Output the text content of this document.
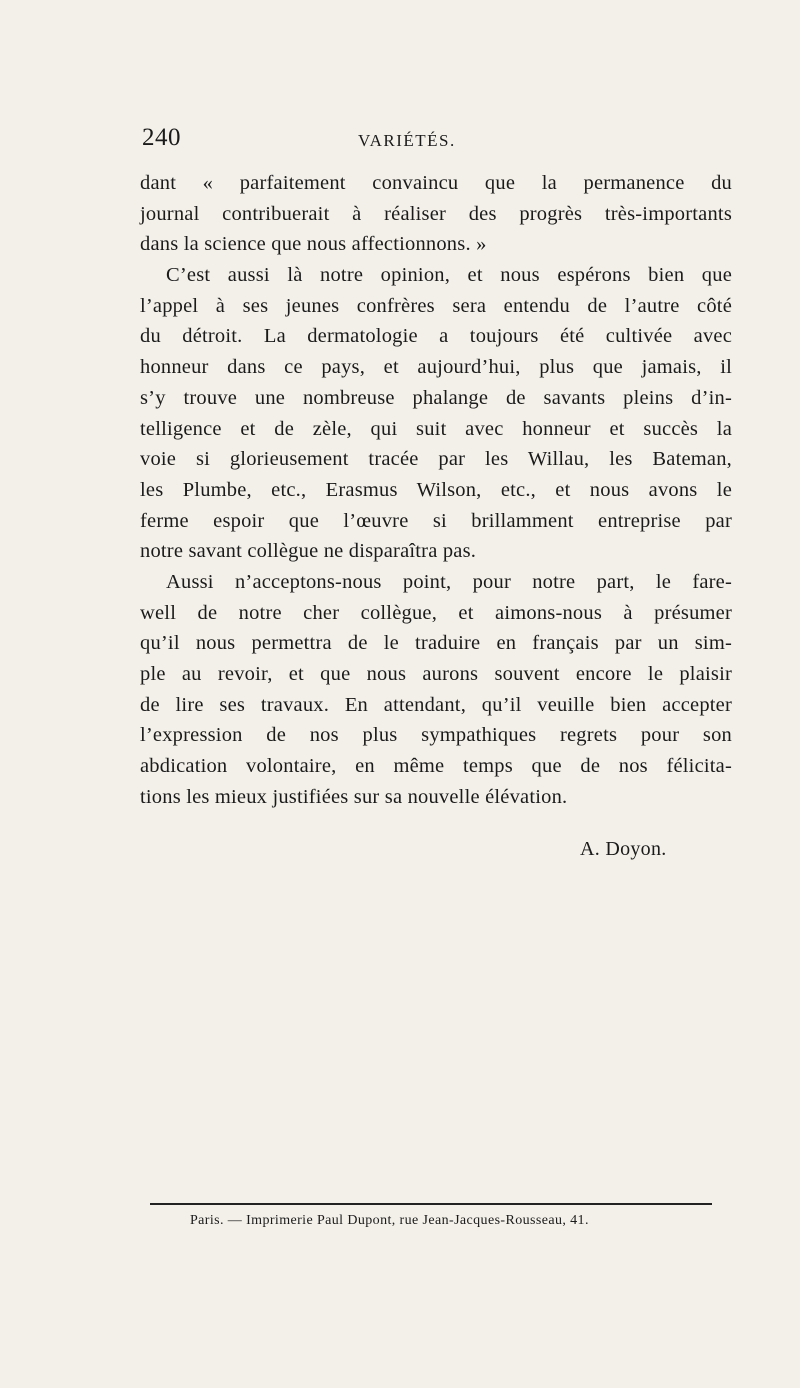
240	VARIÉTÉS.
dant « parfaitement convaincu que la permanence du
journal contribuerait à réaliser des progrès très-importants
dans la science que nous affectionnons. »
C’est aussi là notre opinion, et nous espérons bien que
l’appel à ses jeunes confrères sera entendu de l’autre côté
du détroit. La dermatologie a toujours été cultivée avec
honneur dans ce pays, et aujourd’hui, plus que jamais, il
s’y trouve une nombreuse phalange de savants pleins d’in-
telligence et de zèle, qui suit avec honneur et succès la
voie si glorieusement tracée par les Willau, les Bateman,
les Plumbe, etc., Erasmus Wilson, etc., et nous avons le
ferme espoir que l’œuvre si brillamment entreprise par
notre savant collègue ne disparaîtra pas.
Aussi n’acceptons-nous point, pour notre part, le fare-
well de notre cher collègue, et aimons-nous à présumer
qu’il nous permettra de le traduire en français par un sim-
ple au revoir, et que nous aurons souvent encore le plaisir
de lire ses travaux. En attendant, qu’il veuille bien accepter
l’expression de nos plus sympathiques regrets pour son
abdication volontaire, en même temps que de nos félicita-
tions les mieux justifiées sur sa nouvelle élévation.
A. Doyon.
Paris. — Imprimerie Paul Dupont, rue Jean-Jacques-Rousseau, 41.
